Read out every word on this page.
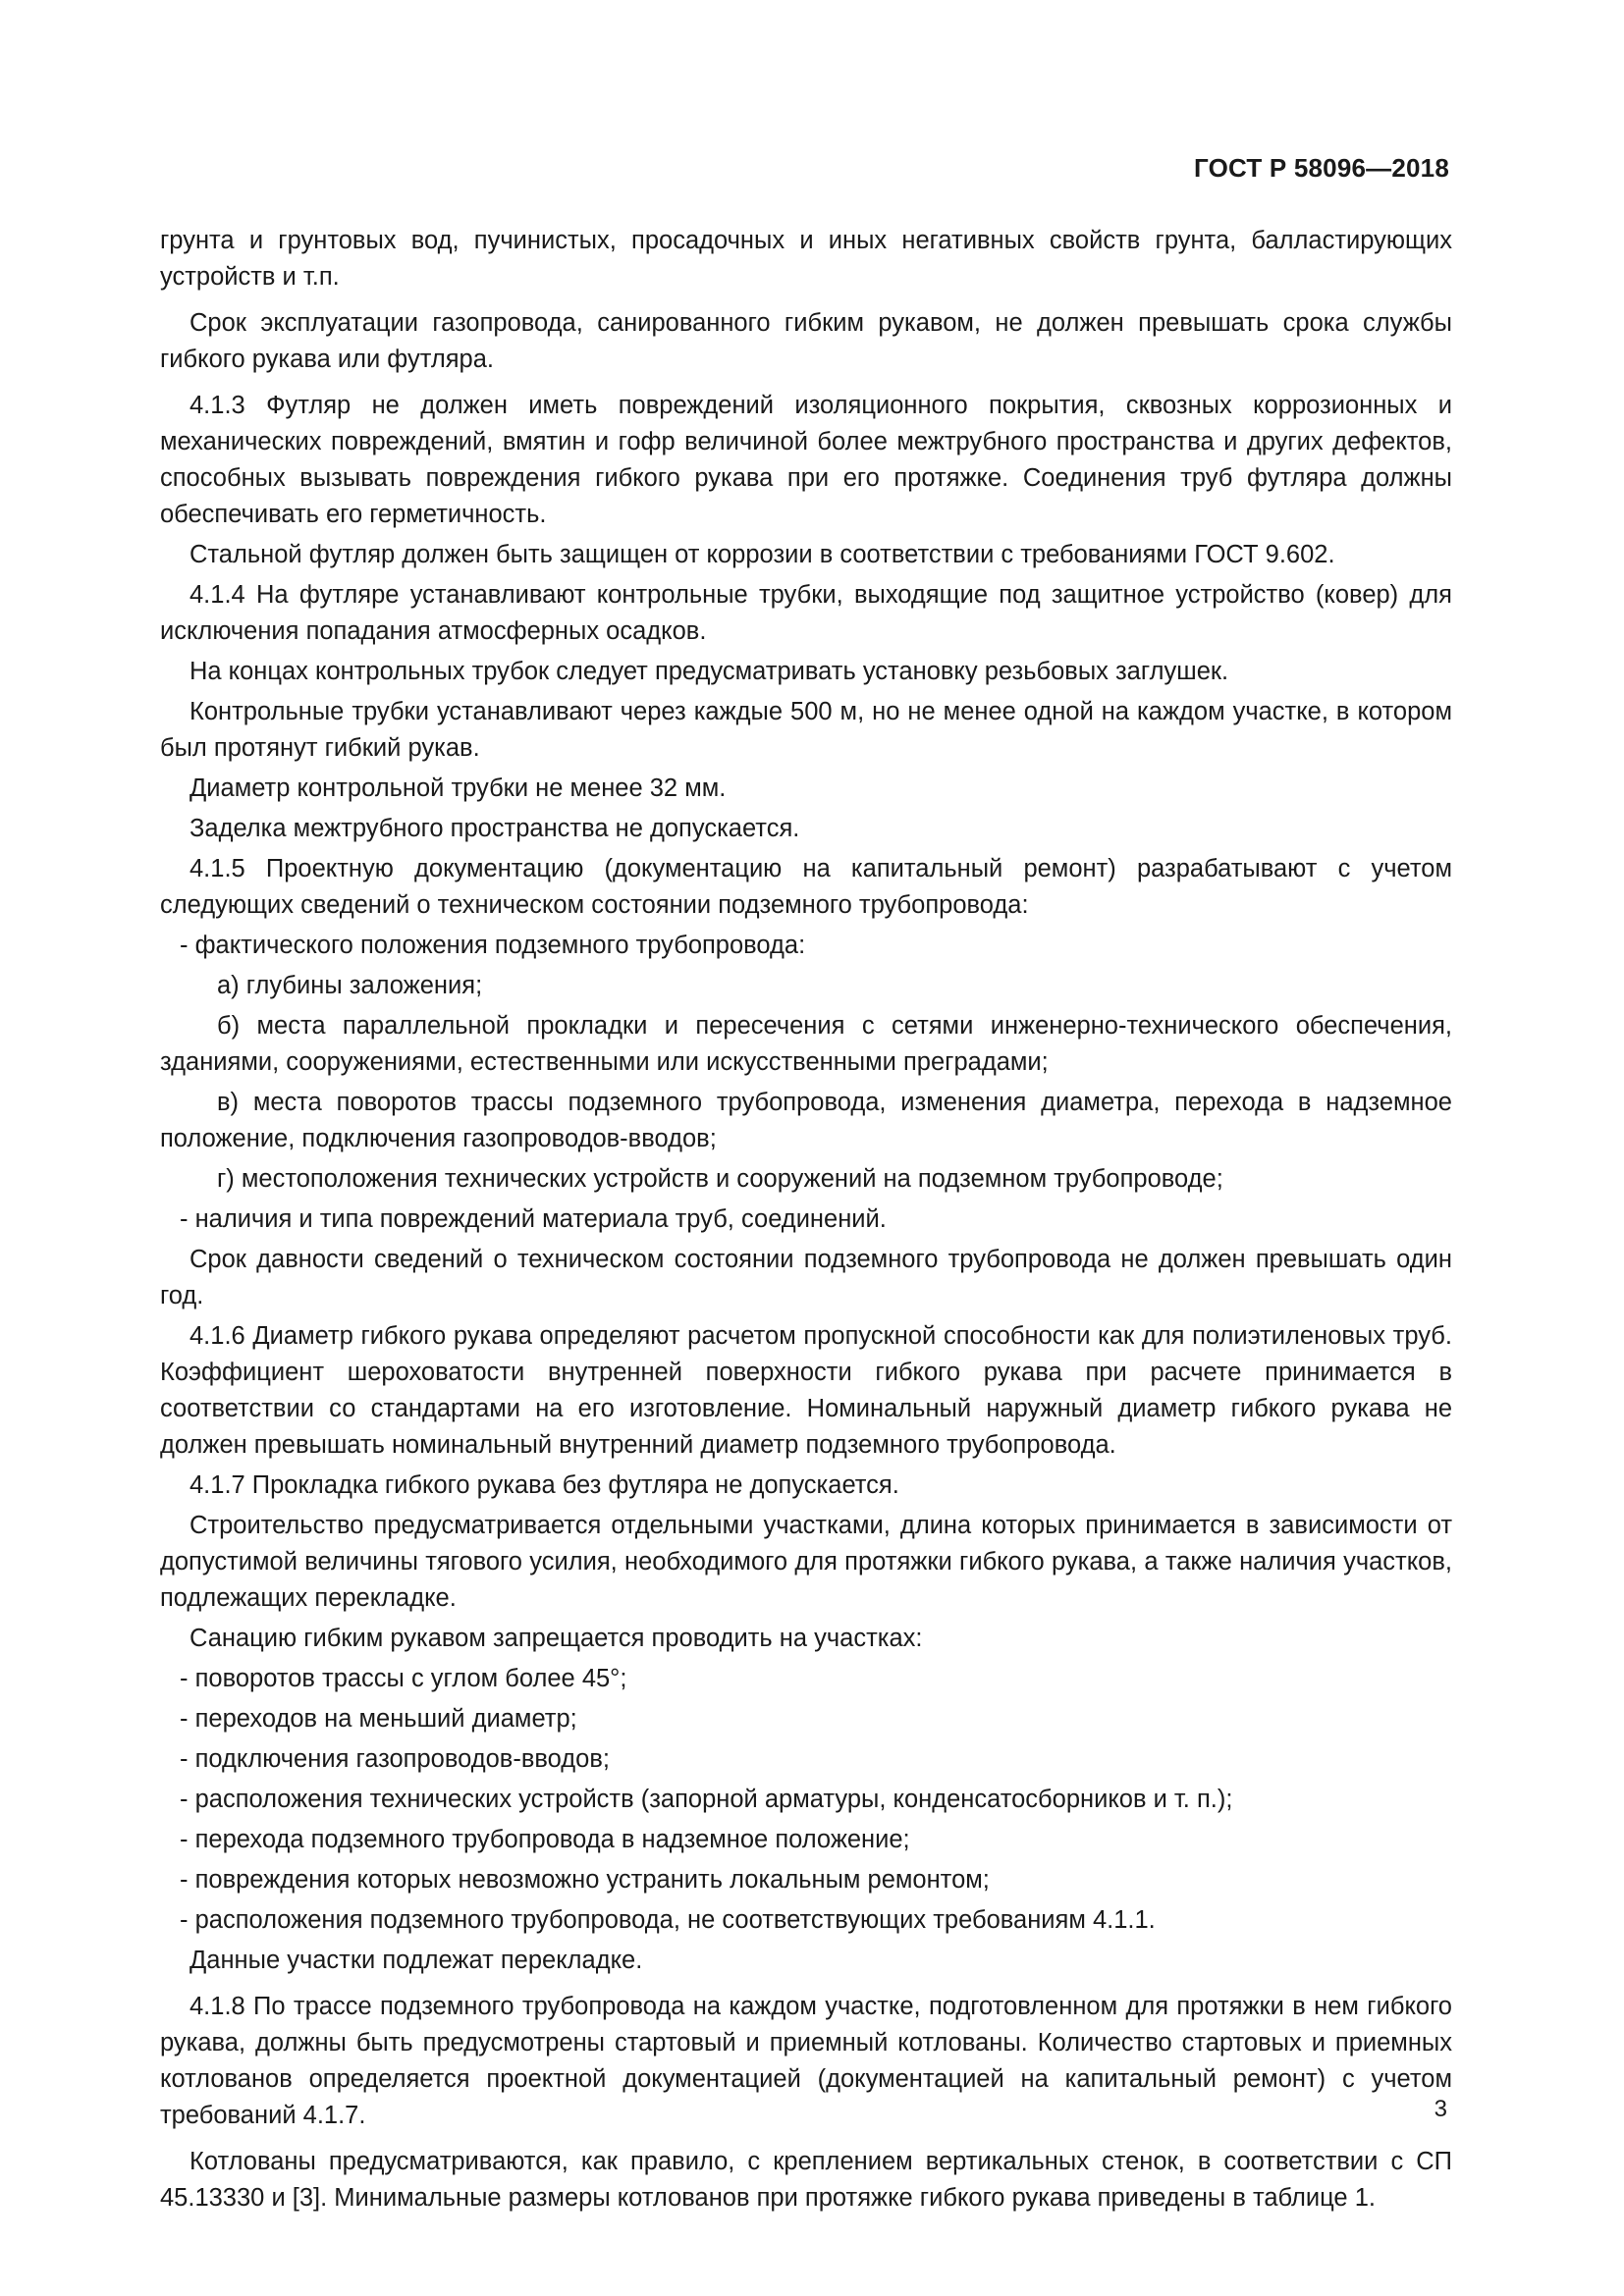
ГОСТ Р 58096—2018

грунта и грунтовых вод, пучинистых, просадочных и иных негативных свойств грунта, балластирующих устройств и т.п.

Срок эксплуатации газопровода, санированного гибким рукавом, не должен превышать срока службы гибкого рукава или футляра.

4.1.3 Футляр не должен иметь повреждений изоляционного покрытия, сквозных коррозионных и механических повреждений, вмятин и гофр величиной более межтрубного пространства и других дефектов, способных вызывать повреждения гибкого рукава при его протяжке. Соединения труб футляра должны обеспечивать его герметичность.

Стальной футляр должен быть защищен от коррозии в соответствии с требованиями ГОСТ 9.602.

4.1.4 На футляре устанавливают контрольные трубки, выходящие под защитное устройство (ковер) для исключения попадания атмосферных осадков.

На концах контрольных трубок следует предусматривать установку резьбовых заглушек.

Контрольные трубки устанавливают через каждые 500 м, но не менее одной на каждом участке, в котором был протянут гибкий рукав.

Диаметр контрольной трубки не менее 32 мм.

Заделка межтрубного пространства не допускается.

4.1.5 Проектную документацию (документацию на капитальный ремонт) разрабатывают с учетом следующих сведений о техническом состоянии подземного трубопровода:

- фактического положения подземного трубопровода:

а) глубины заложения;

б) места параллельной прокладки и пересечения с сетями инженерно-технического обеспечения, зданиями, сооружениями, естественными или искусственными преградами;

в) места поворотов трассы подземного трубопровода, изменения диаметра, перехода в надземное положение, подключения газопроводов-вводов;

г) местоположения технических устройств и сооружений на подземном трубопроводе;

- наличия и типа повреждений материала труб, соединений.

Срок давности сведений о техническом состоянии подземного трубопровода не должен превышать один год.

4.1.6 Диаметр гибкого рукава определяют расчетом пропускной способности как для полиэтиленовых труб. Коэффициент шероховатости внутренней поверхности гибкого рукава при расчете принимается в соответствии со стандартами на его изготовление. Номинальный наружный диаметр гибкого рукава не должен превышать номинальный внутренний диаметр подземного трубопровода.

4.1.7 Прокладка гибкого рукава без футляра не допускается.

Строительство предусматривается отдельными участками, длина которых принимается в зависимости от допустимой величины тягового усилия, необходимого для протяжки гибкого рукава, а также наличия участков, подлежащих перекладке.

Санацию гибким рукавом запрещается проводить на участках:

- поворотов трассы с углом более 45°;

- переходов на меньший диаметр;

- подключения газопроводов-вводов;

- расположения технических устройств (запорной арматуры, конденсатосборников и т. п.);

- перехода подземного трубопровода в надземное положение;

- повреждения которых невозможно устранить локальным ремонтом;

- расположения подземного трубопровода, не соответствующих требованиям 4.1.1.

Данные участки подлежат перекладке.

4.1.8 По трассе подземного трубопровода на каждом участке, подготовленном для протяжки в нем гибкого рукава, должны быть предусмотрены стартовый и приемный котлованы. Количество стартовых и приемных котлованов определяется проектной документацией (документацией на капитальный ремонт) с учетом требований 4.1.7.

Котлованы предусматриваются, как правило, с креплением вертикальных стенок, в соответствии с СП 45.13330 и [3]. Минимальные размеры котлованов при протяжке гибкого рукава приведены в таблице 1.

3
